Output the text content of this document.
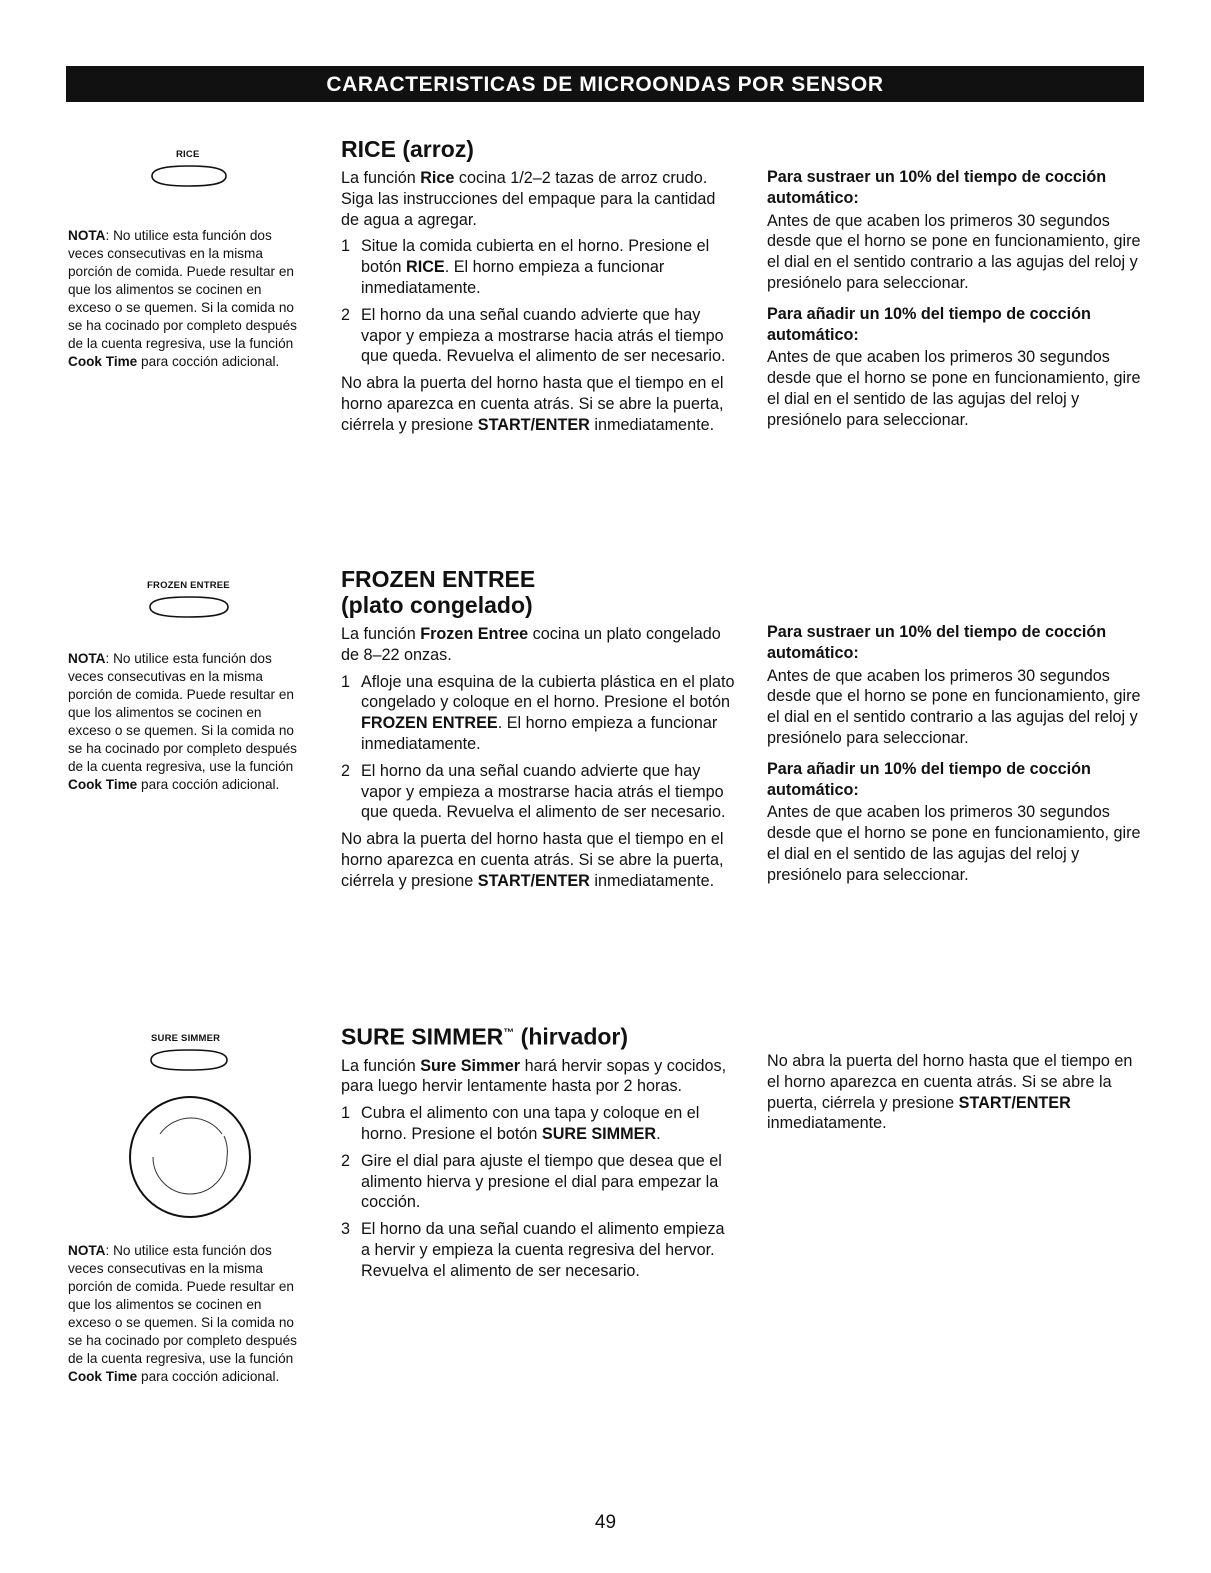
CARACTERISTICAS DE MICROONDAS POR SENSOR
RICE
NOTA: No utilice esta función dos veces consecutivas en la misma porción de comida. Puede resultar en que los alimentos se cocinen en exceso o se quemen. Si la comida no se ha cocinado por completo después de la cuenta regresiva, use la función Cook Time para cocción adicional.
RICE (arroz)
La función Rice cocina 1/2–2 tazas de arroz crudo. Siga las instrucciones del empaque para la cantidad de agua a agregar.
1 Situe la comida cubierta en el horno. Presione el botón RICE. El horno empieza a funcionar inmediatamente.
2 El horno da una señal cuando advierte que hay vapor y empieza a mostrarse hacia atrás el tiempo que queda. Revuelva el alimento de ser necesario.
No abra la puerta del horno hasta que el tiempo en el horno aparezca en cuenta atrás. Si se abre la puerta, ciérrela y presione START/ENTER inmediatamente.
Para sustraer un 10% del tiempo de cocción automático:
Antes de que acaben los primeros 30 segundos desde que el horno se pone en funcionamiento, gire el dial en el sentido contrario a las agujas del reloj y presiónelo para seleccionar.
Para añadir un 10% del tiempo de cocción automático:
Antes de que acaben los primeros 30 segundos desde que el horno se pone en funcionamiento, gire el dial en el sentido de las agujas del reloj y presiónelo para seleccionar.
FROZEN ENTREE
NOTA: No utilice esta función dos veces consecutivas en la misma porción de comida. Puede resultar en que los alimentos se cocinen en exceso o se quemen. Si la comida no se ha cocinado por completo después de la cuenta regresiva, use la función Cook Time para cocción adicional.
FROZEN ENTREE
(plato congelado)
La función Frozen Entree cocina un plato congelado de 8–22 onzas.
1 Afloje una esquina de la cubierta plástica en el plato congelado y coloque en el horno. Presione el botón FROZEN ENTREE. El horno empieza a funcionar inmediatamente.
2 El horno da una señal cuando advierte que hay vapor y empieza a mostrarse hacia atrás el tiempo que queda. Revuelva el alimento de ser necesario.
No abra la puerta del horno hasta que el tiempo en el horno aparezca en cuenta atrás. Si se abre la puerta, ciérrela y presione START/ENTER inmediatamente.
Para sustraer un 10% del tiempo de cocción automático:
Antes de que acaben los primeros 30 segundos desde que el horno se pone en funcionamiento, gire el dial en el sentido contrario a las agujas del reloj y presiónelo para seleccionar.
Para añadir un 10% del tiempo de cocción automático:
Antes de que acaben los primeros 30 segundos desde que el horno se pone en funcionamiento, gire el dial en el sentido de las agujas del reloj y presiónelo para seleccionar.
SURE SIMMER
NOTA: No utilice esta función dos veces consecutivas en la misma porción de comida. Puede resultar en que los alimentos se cocinen en exceso o se quemen. Si la comida no se ha cocinado por completo después de la cuenta regresiva, use la función Cook Time para cocción adicional.
SURE SIMMER™ (hirvador)
La función Sure Simmer hará hervir sopas y cocidos, para luego hervir lentamente hasta por 2 horas.
1 Cubra el alimento con una tapa y coloque en el horno. Presione el botón SURE SIMMER.
2 Gire el dial para ajuste el tiempo que desea que el alimento hierva y presione el dial para empezar la cocción.
3 El horno da una señal cuando el alimento empieza a hervir y empieza la cuenta regresiva del hervor. Revuelva el alimento de ser necesario.
No abra la puerta del horno hasta que el tiempo en el horno aparezca en cuenta atrás. Si se abre la puerta, ciérrela y presione START/ENTER inmediatamente.
49
